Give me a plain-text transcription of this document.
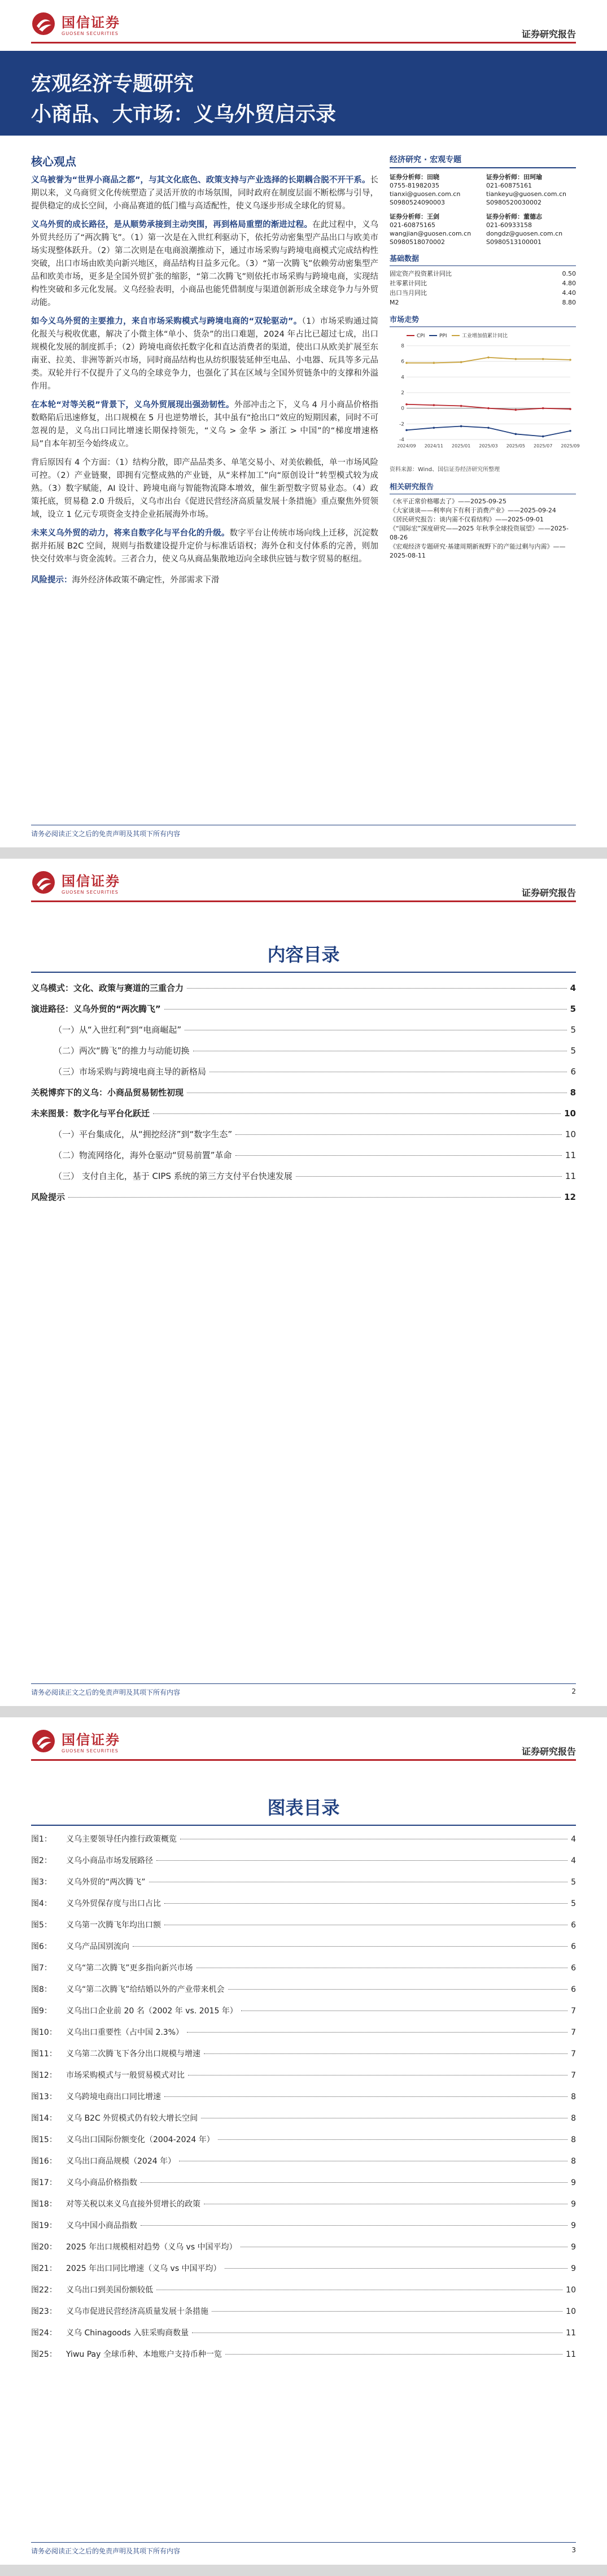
国信证券
GUOSEN SECURITIES	证券研究报告
宏观经济专题研究
小商品、大市场：义乌外贸启示录
核心观点

义乌被誉为“世界小商品之都”，与其文化底色、政策支持与产业选择的长期耦合脱不开干系。长期以来，义乌商贸文化传统塑造了灵活开放的市场氛围，同时政府在制度层面不断松绑与引导，提供稳定的成长空间，小商品赛道的低门槛与高适配性，使义乌逐步形成全球化的贸易。

义乌外贸的成长路径，是从顺势承接到主动突围，再到格局重塑的渐进过程。在此过程中，义乌外贸共经历了“两次腾飞”。（1）第一次是在入世红利驱动下，依托劳动密集型产品出口与欧美市场实现整体跃升。（2）第二次则是在电商浪潮推动下，通过市场采购与跨境电商模式完成结构性突破，出口市场由欧美向新兴地区，商品结构日益多元化。（3）“第一次腾飞”依赖劳动密集型产品和欧美市场，更多是全国外贸扩张的缩影，“第二次腾飞”则依托市场采购与跨境电商，实现结构性突破和多元化发展。义乌经验表明，小商品也能凭借制度与渠道创新形成全球竞争力与外贸动能。

如今义乌外贸的主要推力，来自市场采购模式与跨境电商的“双轮驱动”。（1）市场采购通过简化报关与税收优惠，解决了小微主体“单小、货杂”的出口难题，2024 年占比已超过七成，出口规模化发展的制度抓手；（2）跨境电商依托数字化和直达消费者的渠道，使出口从欧美扩展至东南亚、拉美、非洲等新兴市场，同时商品结构也从纺织服装延伸至电品、小电器、玩具等多元品类。双轮并行不仅提升了义乌的全球竞争力，也强化了其在区域与全国外贸链条中的支撑和外溢作用。

在本轮“对等关税”背景下，义乌外贸展现出强劲韧性。外部冲击之下，义乌 4 月小商品价格指数略陷后迅速修复，出口规模在 5 月也逆势增长，其中虽有“抢出口”效应的短期因素，同时不可忽视的是，义乌出口同比增速长期保持领先，“义乌 > 金华 > 浙江 > 中国”的“梯度增速格局”自本年初至今始终成立。

背后原因有 4 个方面：（1）结构分散，即产品品类多、单笔交易小、对美依赖低，单一市场风险可控。（2）产业链聚，即拥有完整成熟的产业链，从“来样加工”向“原创设计”转型模式较为成熟。（3）数字赋能，AI 设计、跨境电商与智能物流降本增效，催生新型数字贸易业态。（4）政策托底，贸易稳 2.0 升级后，义乌市出台《促进民营经济高质量发展十条措施》重点聚焦外贸领域，设立 1 亿元专项资金支持企业拓展海外市场。

未来义乌外贸的动力，将来自数字化与平台化的升级。数字平台让传统市场向线上迁移，沉淀数据并拓展 B2C 空间，规则与指数建设提升定价与标准话语权；海外仓和支付体系的完善，则加快交付效率与资金流转。三者合力，使义乌从商品集散地迈向全球供应链与数字贸易的枢纽。

风险提示：海外经济体政策不确定性，外部需求下滑

经济研究 · 宏观专题
证券分析师：田晓
0755-81982035
tianxi@guosen.com.cn
S0980524090003
证券分析师：田珂瑜
021-60875161
tiankeyu@guosen.com.cn
S0980520030002
证券分析师：王剑
021-60875165
wangjian@guosen.com.cn
S0980518070002
证券分析师：董德志
021-60933158
dongdz@guosen.com.cn
S0980513100001
基础数据
固定资产投资累计同比	0.50
社零累计同比	4.80
出口当月同比	4.40
M2	8.80
市场走势
-4
-2
0
2
4
6
8
2024/09 2024/11 2025/01 2025/03 2025/05 2025/07 2025/09
CPI	PPI	工业增加值累计同比
资料来源：Wind、国信证券经济研究所整理
相关研究报告
《水平正常价格哪去了》——2025-09-25
《大家谈谈——利率向下有利于消费产业》——2025-09-24
《居民研究报告：谈内需不仅看结构》——2025-09-01
《“国际宏”深度研究——2025 年秋季全球投资展望》——2025-08-26
《宏观经济专题研究·基建周期新视野下的产能过剩与内需》——2025-08-11
请务必阅读正文之后的免责声明及其项下所有内容
国信证券
GUOSEN SECURITIES	证券研究报告
内容目录
义乌模式：文化、政策与赛道的三重合力	4
演进路径：义乌外贸的“两次腾飞”	5
（一）从“入世红利”到“电商崛起”	5
（二）两次“腾飞”的推力与动能切换	5
（三）市场采购与跨境电商主导的新格局	6
关税博弈下的义乌：小商品贸易韧性初现	8
未来图景：数字化与平台化跃迁	10
（一）平台集成化，从“拥挖经济”到“数字生态”	10
（二）物流网络化，海外仓驱动“贸易前置”革命	11
（三） 支付自主化，基于 CIPS 系统的第三方支付平台快速发展	11
风险提示	12
请务必阅读正文之后的免责声明及其项下所有内容	2
国信证券
GUOSEN SECURITIES	证券研究报告
图表目录
图1：	义乌主要领导任内推行政策概览	4
图2：	义乌小商品市场发展路径	4
图3：	义乌外贸的“两次腾飞”	5
图4：	义乌外贸保存度与出口占比	5
图5：	义乌第一次腾飞年均出口额	6
图6：	义乌产品国别流向	6
图7：	义乌“第二次腾飞”更多指向新兴市场	6
图8：	义乌“第二次腾飞”给结婚以外的产业带来机会	6
图9：	义乌出口企业前 20 名（2002 年 vs. 2015 年）	7
图10：	义乌出口重要性（占中国 2.3%）	7
图11：	义乌第二次腾飞下各分出口规模与增速	7
图12：	市场采购模式与一般贸易模式对比	7
图13：	义乌跨境电商出口同比增速	8
图14：	义乌 B2C 外贸模式仍有较大增长空间	8
图15：	义乌出口国际份额变化（2004-2024 年）	8
图16：	义乌出口商品规模（2024 年）	8
图17：	义乌小商品价格指数	9
图18：	对等关税以来义乌直接外贸增长的政策	9
图19：	义乌中国小商品指数	9
图20：	2025 年出口规模相对趋势（义乌 vs 中国平均）	9
图21：	2025 年出口同比增速（义乌 vs 中国平均）	9
图22：	义乌出口到美国份额较低	10
图23：	义乌市促进民营经济高质量发展十条措施	10
图24：	义乌 Chinagoods 入驻采购商数量	11
图25：	Yiwu Pay 全球币种、本地账户支持币种一览	11
请务必阅读正文之后的免责声明及其项下所有内容	3
